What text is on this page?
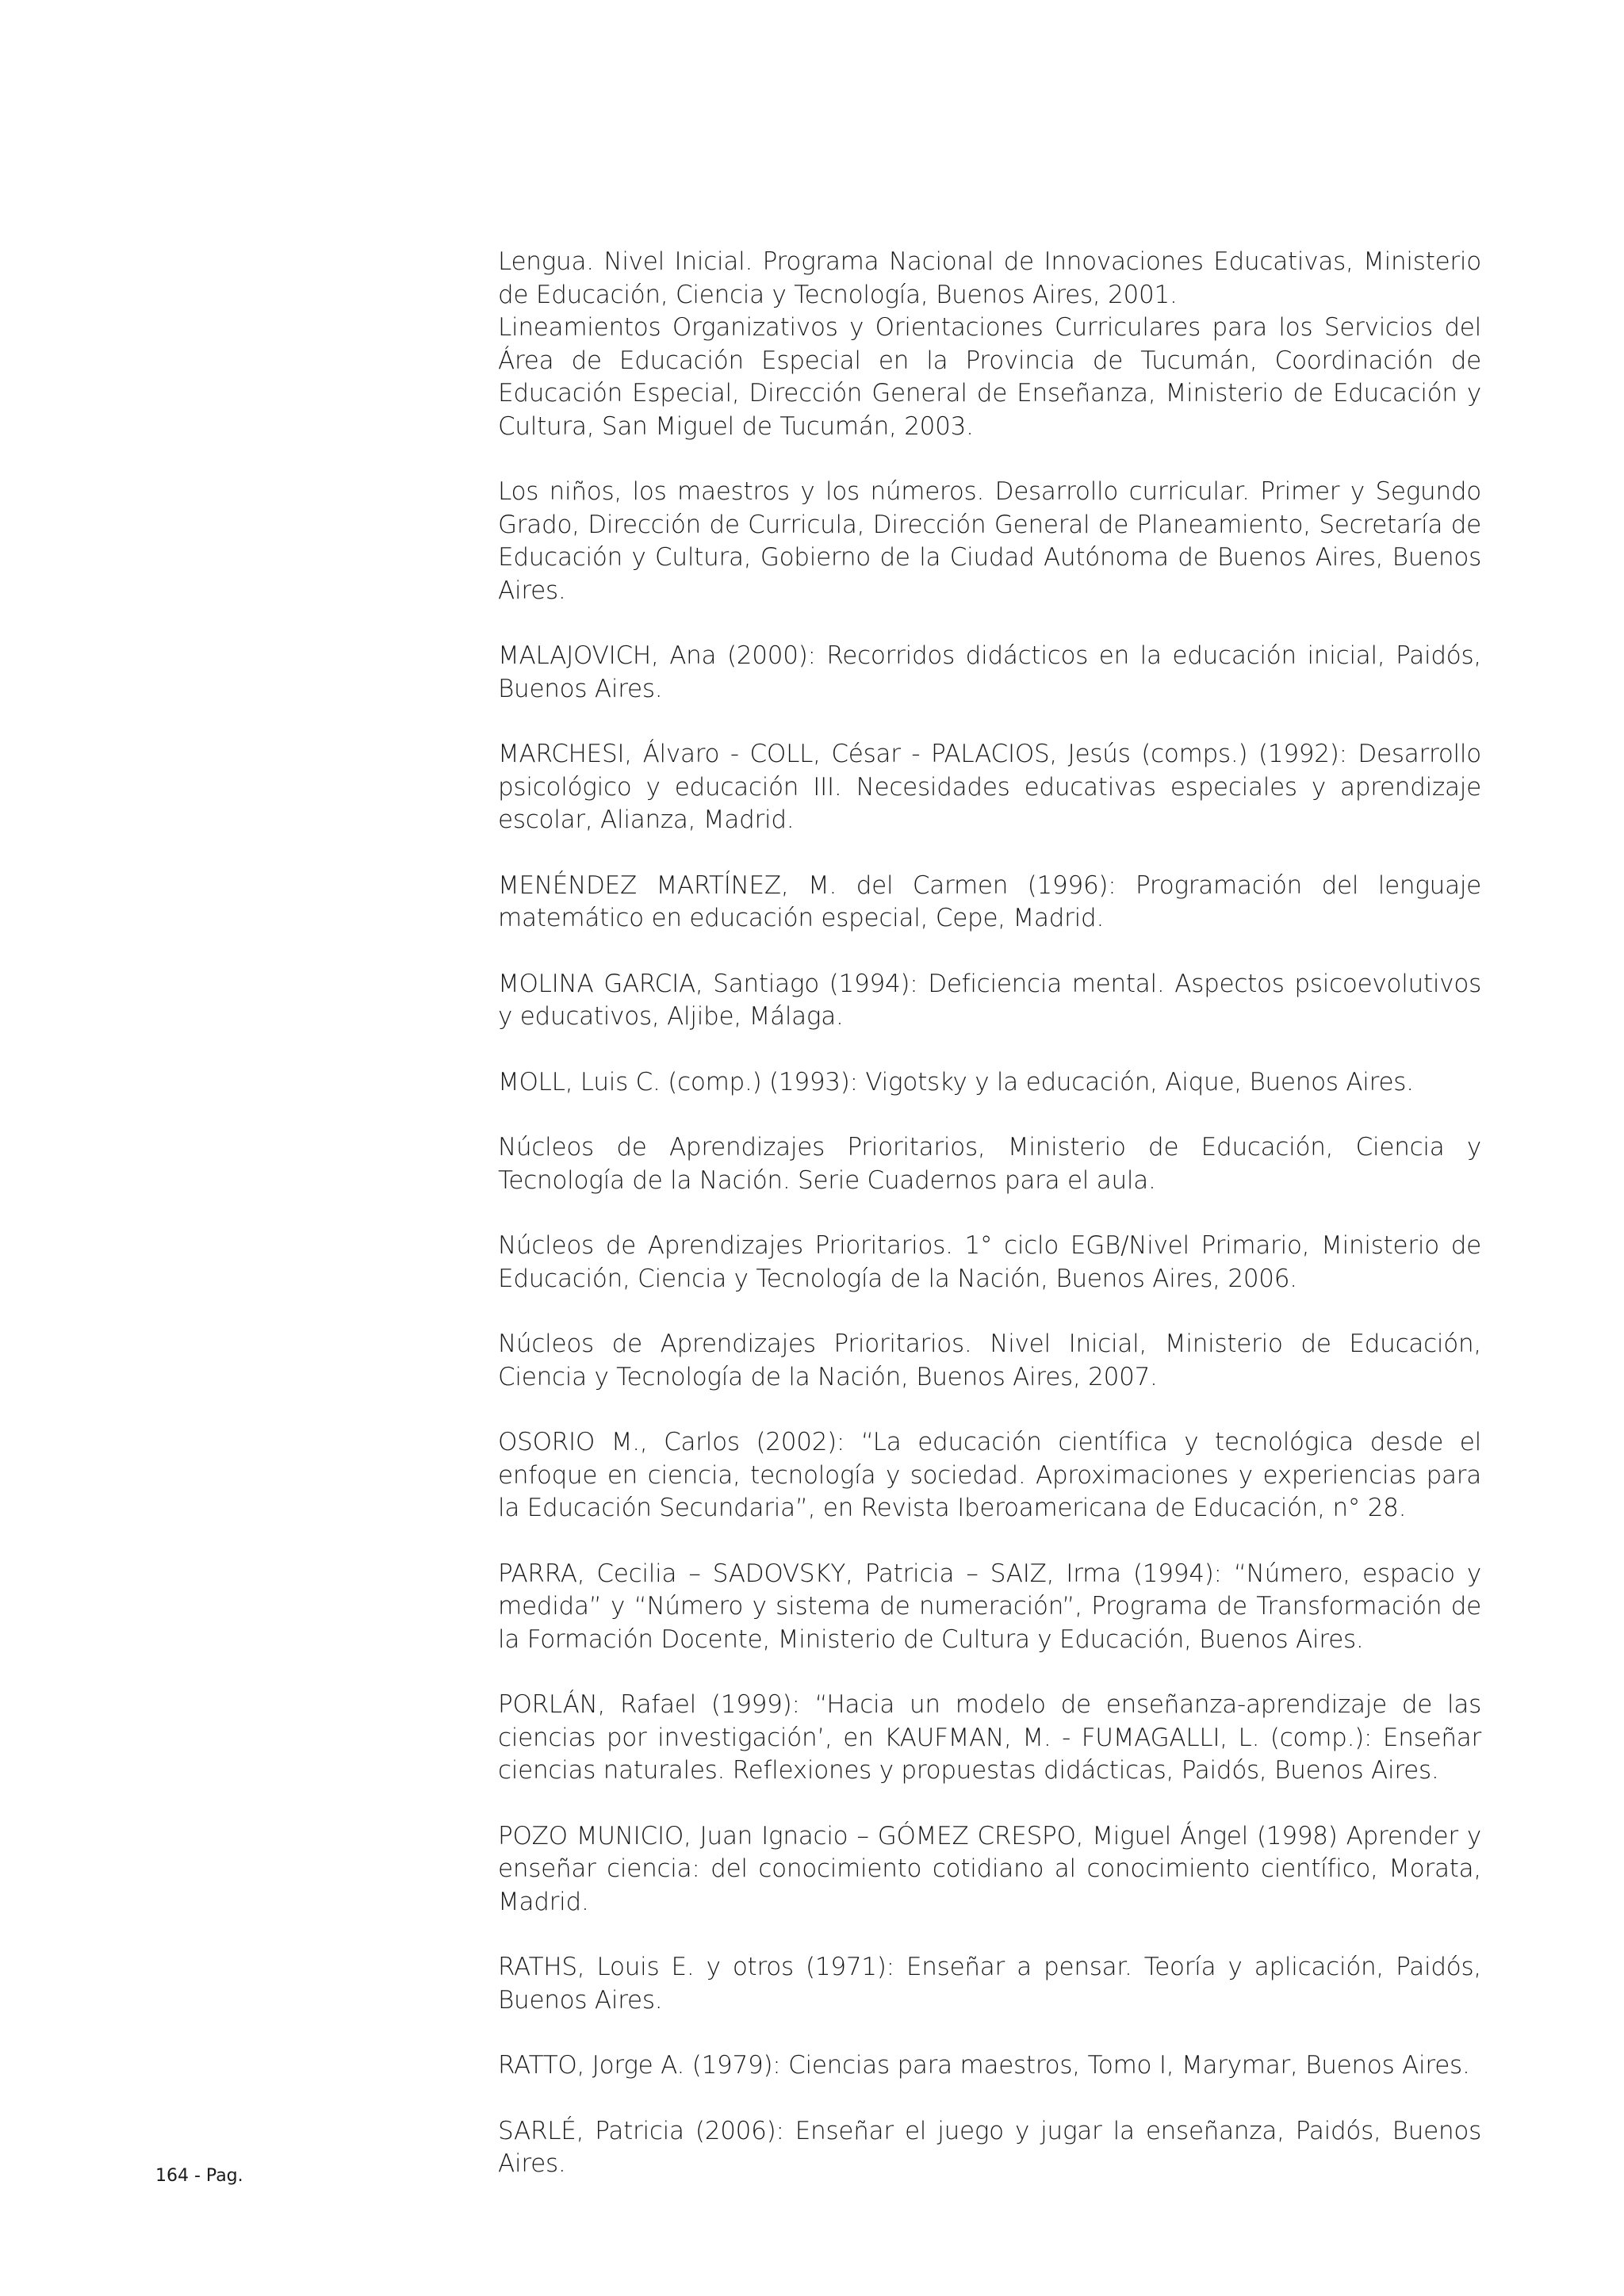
Lengua. Nivel Inicial. Programa Nacional de Innovaciones Educativas, Ministerio de Educación, Ciencia y Tecnología, Buenos Aires, 2001.

Lineamientos Organizativos y Orientaciones Curriculares para los Servicios del Área de Educación Especial en la Provincia de Tucumán, Coordinación de Educación Especial, Dirección General de Enseñanza, Ministerio de Educación y Cultura, San Miguel de Tucumán, 2003.

Los niños, los maestros y los números. Desarrollo curricular. Primer y Segundo Grado, Dirección de Curricula, Dirección General de Planeamiento, Secretaría de Educación y Cultura, Gobierno de la Ciudad Autónoma de Buenos Aires, Buenos Aires.

MALAJOVICH, Ana (2000): Recorridos didácticos en la educación inicial, Paidós, Buenos Aires.

MARCHESI, Álvaro - COLL, César - PALACIOS, Jesús (comps.) (1992): Desarrollo psicológico y educación III. Necesidades educativas especiales y aprendizaje escolar, Alianza, Madrid.

MENÉNDEZ MARTÍNEZ, M. del Carmen (1996): Programación del lenguaje matemático en educación especial, Cepe, Madrid.

MOLINA GARCIA, Santiago (1994): Deficiencia mental. Aspectos psicoevolutivos y educativos, Aljibe, Málaga.

MOLL, Luis C. (comp.) (1993): Vigotsky y la educación, Aique, Buenos Aires.

Núcleos de Aprendizajes Prioritarios, Ministerio de Educación, Ciencia y Tecnología de la Nación. Serie Cuadernos para el aula.

Núcleos de Aprendizajes Prioritarios. 1° ciclo EGB/Nivel Primario, Ministerio de Educación, Ciencia y Tecnología de la Nación, Buenos Aires, 2006.

Núcleos de Aprendizajes Prioritarios. Nivel Inicial, Ministerio de Educación, Ciencia y Tecnología de la Nación, Buenos Aires, 2007.

OSORIO M., Carlos (2002): “La educación científica y tecnológica desde el enfoque en ciencia, tecnología y sociedad. Aproximaciones y experiencias para la Educación Secundaria”, en Revista Iberoamericana de Educación, n° 28.

PARRA, Cecilia – SADOVSKY, Patricia – SAIZ, Irma (1994): “Número, espacio y medida” y “Número y sistema de numeración”, Programa de Transformación de la Formación Docente, Ministerio de Cultura y Educación, Buenos Aires.

PORLÁN, Rafael (1999): “Hacia un modelo de enseñanza-aprendizaje de las ciencias por investigación’, en KAUFMAN, M. - FUMAGALLI, L. (comp.): Enseñar ciencias naturales. Reflexiones y propuestas didácticas, Paidós, Buenos Aires.

POZO MUNICIO, Juan Ignacio – GÓMEZ CRESPO, Miguel Ángel (1998) Aprender y enseñar ciencia: del conocimiento cotidiano al conocimiento científico, Morata, Madrid.

RATHS, Louis E. y otros (1971): Enseñar a pensar. Teoría y aplicación, Paidós, Buenos Aires.

RATTO, Jorge A. (1979): Ciencias para maestros, Tomo I, Marymar, Buenos Aires.

SARLÉ, Patricia (2006): Enseñar el juego y jugar la enseñanza, Paidós, Buenos Aires.

164 - Pag.
